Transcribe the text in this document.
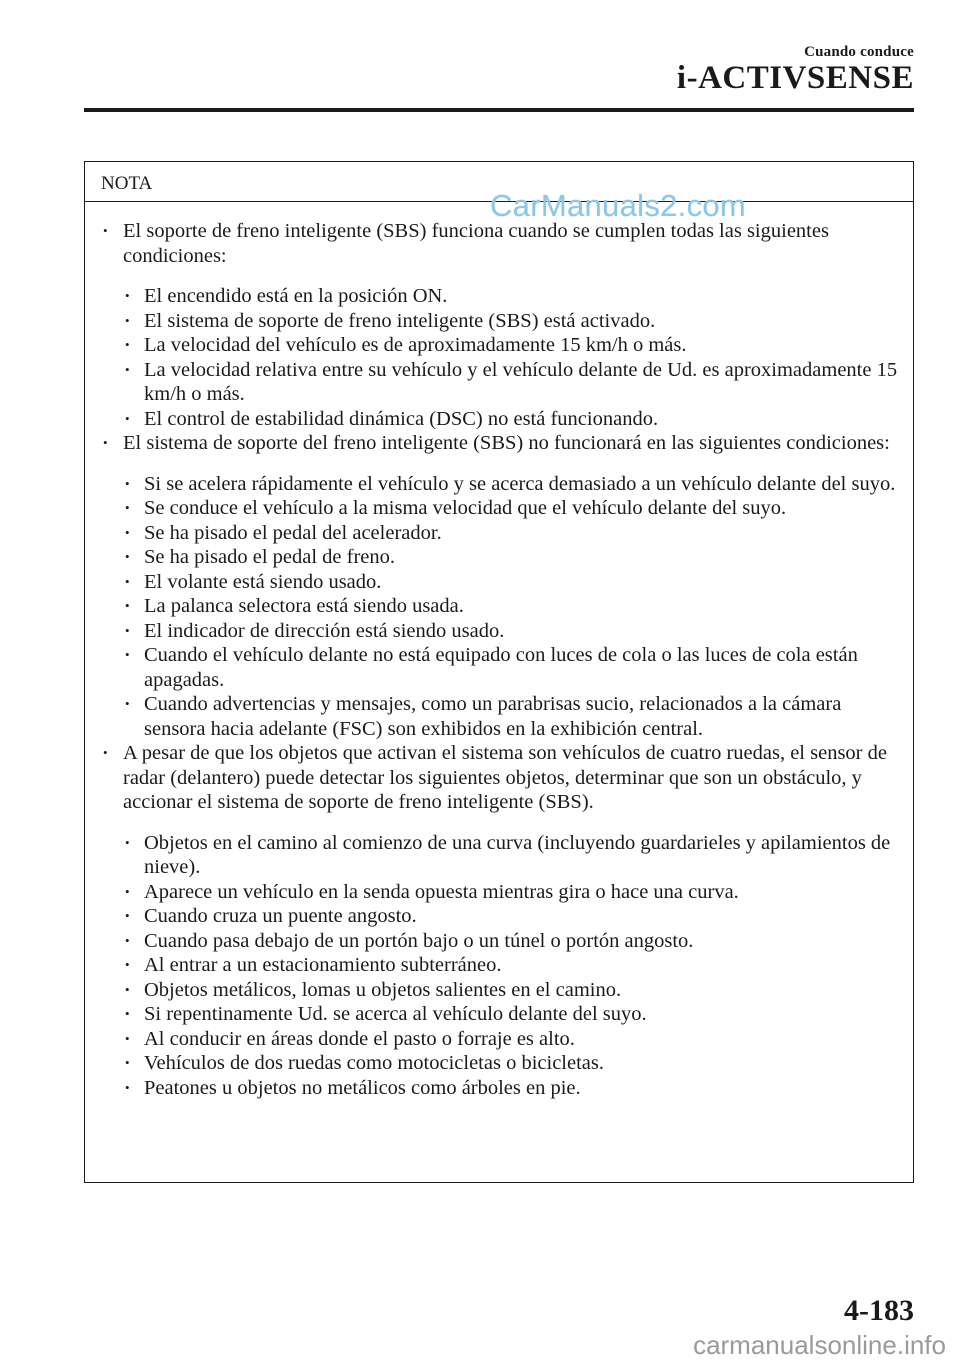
Cuando conduce
i-ACTIVSENSE
NOTA
• El soporte de freno inteligente (SBS) funciona cuando se cumplen todas las siguientes condiciones:
• El encendido está en la posición ON.
• El sistema de soporte de freno inteligente (SBS) está activado.
• La velocidad del vehículo es de aproximadamente 15 km/h o más.
• La velocidad relativa entre su vehículo y el vehículo delante de Ud. es aproximadamente 15 km/h o más.
• El control de estabilidad dinámica (DSC) no está funcionando.
• El sistema de soporte del freno inteligente (SBS) no funcionará en las siguientes condiciones:
• Si se acelera rápidamente el vehículo y se acerca demasiado a un vehículo delante del suyo.
• Se conduce el vehículo a la misma velocidad que el vehículo delante del suyo.
• Se ha pisado el pedal del acelerador.
• Se ha pisado el pedal de freno.
• El volante está siendo usado.
• La palanca selectora está siendo usada.
• El indicador de dirección está siendo usado.
• Cuando el vehículo delante no está equipado con luces de cola o las luces de cola están apagadas.
• Cuando advertencias y mensajes, como un parabrisas sucio, relacionados a la cámara sensora hacia adelante (FSC) son exhibidos en la exhibición central.
• A pesar de que los objetos que activan el sistema son vehículos de cuatro ruedas, el sensor de radar (delantero) puede detectar los siguientes objetos, determinar que son un obstáculo, y accionar el sistema de soporte de freno inteligente (SBS).
• Objetos en el camino al comienzo de una curva (incluyendo guardarieles y apilamientos de nieve).
• Aparece un vehículo en la senda opuesta mientras gira o hace una curva.
• Cuando cruza un puente angosto.
• Cuando pasa debajo de un portón bajo o un túnel o portón angosto.
• Al entrar a un estacionamiento subterráneo.
• Objetos metálicos, lomas u objetos salientes en el camino.
• Si repentinamente Ud. se acerca al vehículo delante del suyo.
• Al conducir en áreas donde el pasto o forraje es alto.
• Vehículos de dos ruedas como motocicletas o bicicletas.
• Peatones u objetos no metálicos como árboles en pie.
CarManuals2.com
4-183
carmanualsonline.info
